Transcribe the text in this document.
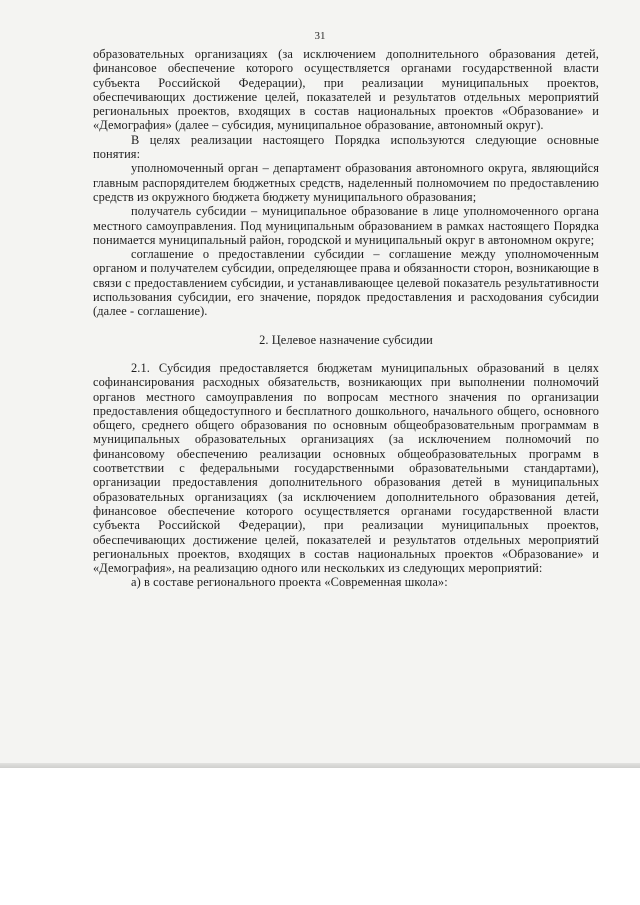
31

образовательных организациях (за исключением дополнительного образования детей, финансовое обеспечение которого осуществляется органами государственной власти субъекта Российской Федерации), при реализации муниципальных проектов, обеспечивающих достижение целей, показателей и результатов отдельных мероприятий региональных проектов, входящих в состав национальных проектов «Образование» и «Демография» (далее – субсидия, муниципальное образование, автономный округ).

В целях реализации настоящего Порядка используются следующие основные понятия:

уполномоченный орган – департамент образования автономного округа, являющийся главным распорядителем бюджетных средств, наделенный полномочием по предоставлению средств из окружного бюджета бюджету муниципального образования;

получатель субсидии – муниципальное образование в лице уполномоченного органа местного самоуправления. Под муниципальным образованием в рамках настоящего Порядка понимается муниципальный район, городской и муниципальный округ в автономном округе;

соглашение о предоставлении субсидии – соглашение между уполномоченным органом и получателем субсидии, определяющее права и обязанности сторон, возникающие в связи с предоставлением субсидии, и устанавливающее целевой показатель результативности использования субсидии, его значение, порядок предоставления и расходования субсидии (далее - соглашение).

2. Целевое назначение субсидии

2.1. Субсидия предоставляется бюджетам муниципальных образований в целях софинансирования расходных обязательств, возникающих при выполнении полномочий органов местного самоуправления по вопросам местного значения по организации предоставления общедоступного и бесплатного дошкольного, начального общего, основного общего, среднего общего образования по основным общеобразовательным программам в муниципальных образовательных организациях (за исключением полномочий по финансовому обеспечению реализации основных общеобразовательных программ в соответствии с федеральными государственными образовательными стандартами), организации предоставления дополнительного образования детей в муниципальных образовательных организациях (за исключением дополнительного образования детей, финансовое обеспечение которого осуществляется органами государственной власти субъекта Российской Федерации), при реализации муниципальных проектов, обеспечивающих достижение целей, показателей и результатов отдельных мероприятий региональных проектов, входящих в состав национальных проектов «Образование» и «Демография», на реализацию одного или нескольких из следующих мероприятий:

а) в составе регионального проекта «Современная школа»:
